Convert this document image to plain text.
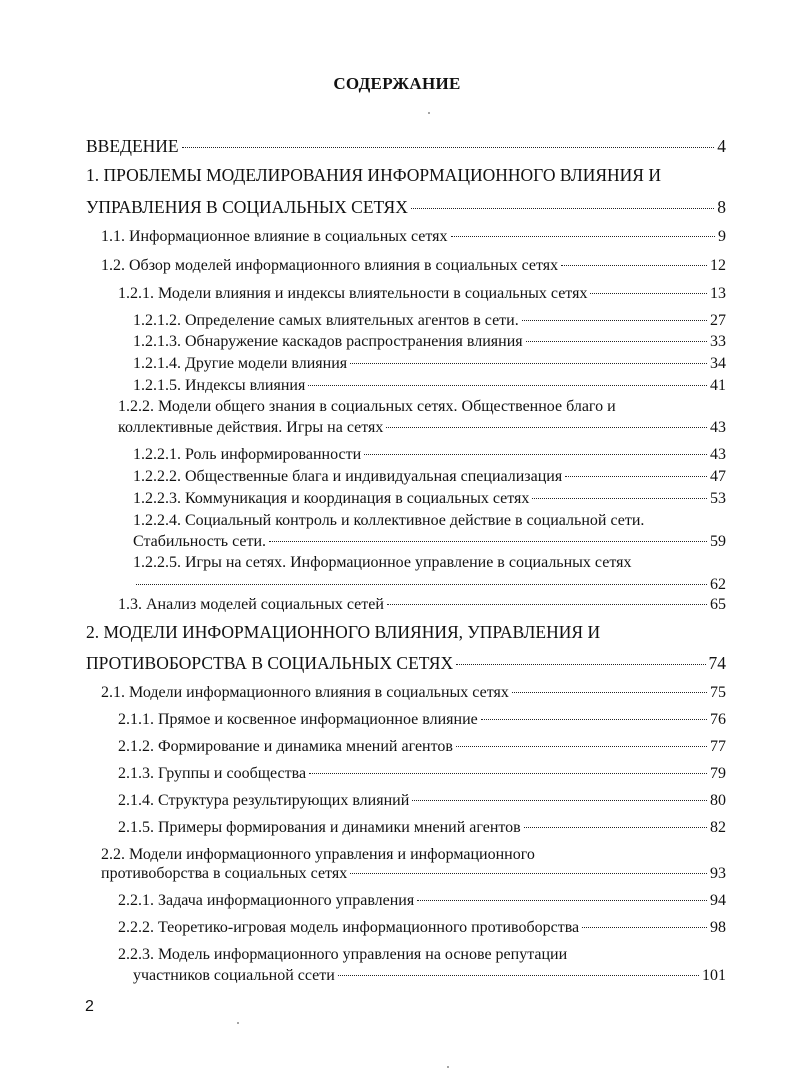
СОДЕРЖАНИЕ
ВВЕДЕНИЕ	4
1. ПРОБЛЕМЫ МОДЕЛИРОВАНИЯ ИНФОРМАЦИОННОГО ВЛИЯНИЯ И
УПРАВЛЕНИЯ В СОЦИАЛЬНЫХ СЕТЯХ	8
1.1. Информационное влияние в социальных сетях	9
1.2. Обзор моделей информационного влияния в социальных сетях	12
1.2.1. Модели влияния и индексы влиятельности в социальных сетях	13
1.2.1.2. Определение самых влиятельных агентов в сети.	27
1.2.1.3. Обнаружение каскадов распространения влияния	33
1.2.1.4. Другие модели влияния	34
1.2.1.5. Индексы влияния	41
1.2.2. Модели общего знания в социальных сетях. Общественное благо и
коллективные действия. Игры на сетях	43
1.2.2.1. Роль информированности	43
1.2.2.2. Общественные блага и индивидуальная специализация	47
1.2.2.3. Коммуникация и координация в социальных сетях	53
1.2.2.4. Социальный контроль и коллективное действие в социальной сети.
Стабильность сети.	59
1.2.2.5. Игры на сетях. Информационное управление в социальных сетях
62
1.3. Анализ моделей социальных сетей	65
2. МОДЕЛИ ИНФОРМАЦИОННОГО ВЛИЯНИЯ, УПРАВЛЕНИЯ И
ПРОТИВОБОРСТВА В СОЦИАЛЬНЫХ СЕТЯХ	74
2.1. Модели информационного влияния в социальных сетях	75
2.1.1. Прямое и косвенное информационное влияние	76
2.1.2. Формирование и динамика мнений агентов	77
2.1.3. Группы и сообщества	79
2.1.4. Структура результирующих влияний	80
2.1.5. Примеры формирования и динамики мнений агентов	82
2.2. Модели информационного управления и информационного
противоборства в социальных сетях	93
2.2.1. Задача информационного управления	94
2.2.2. Теоретико-игровая модель информационного противоборства	98
2.2.3. Модель информационного управления на основе репутации
участников социальной ссети	101
2
